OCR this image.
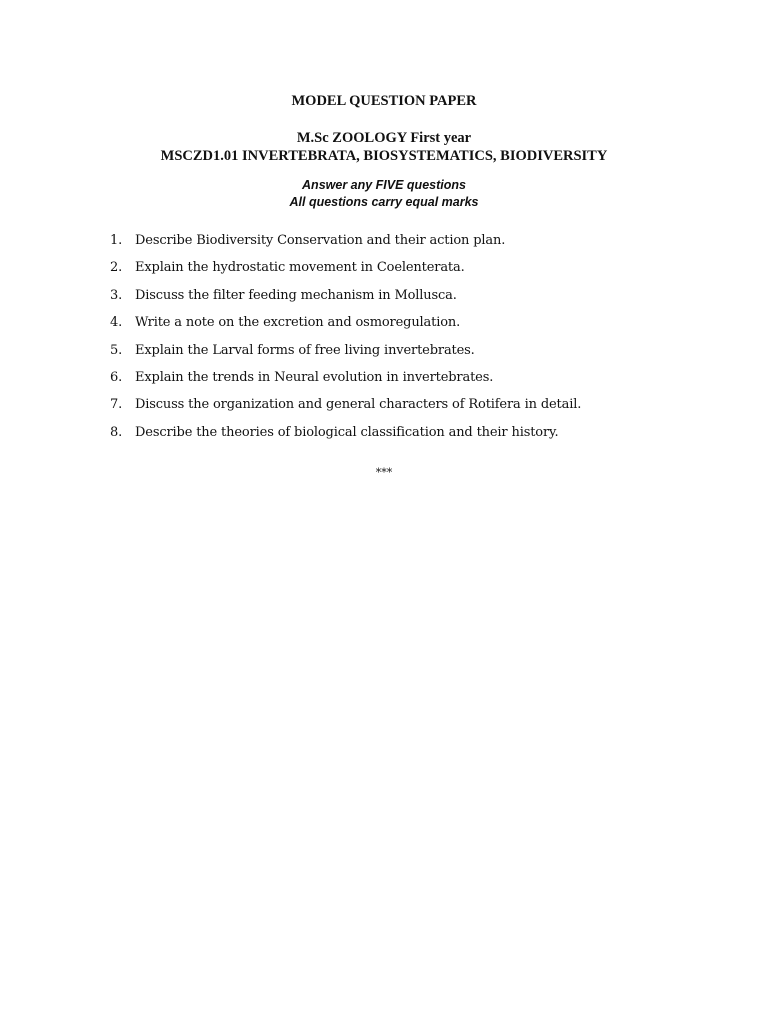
MODEL QUESTION PAPER
M.Sc ZOOLOGY First year
MSCZD1.01 INVERTEBRATA, BIOSYSTEMATICS, BIODIVERSITY
Answer any FIVE questions
All questions carry equal marks
1. Describe Biodiversity Conservation and their action plan.
2. Explain the hydrostatic movement in Coelenterata.
3. Discuss the filter feeding mechanism in Mollusca.
4. Write a note on the excretion and osmoregulation.
5. Explain the Larval forms of free living invertebrates.
6. Explain the trends in Neural evolution in invertebrates.
7. Discuss the organization and general characters of Rotifera in detail.
8. Describe the theories of biological classification and their history.
***
